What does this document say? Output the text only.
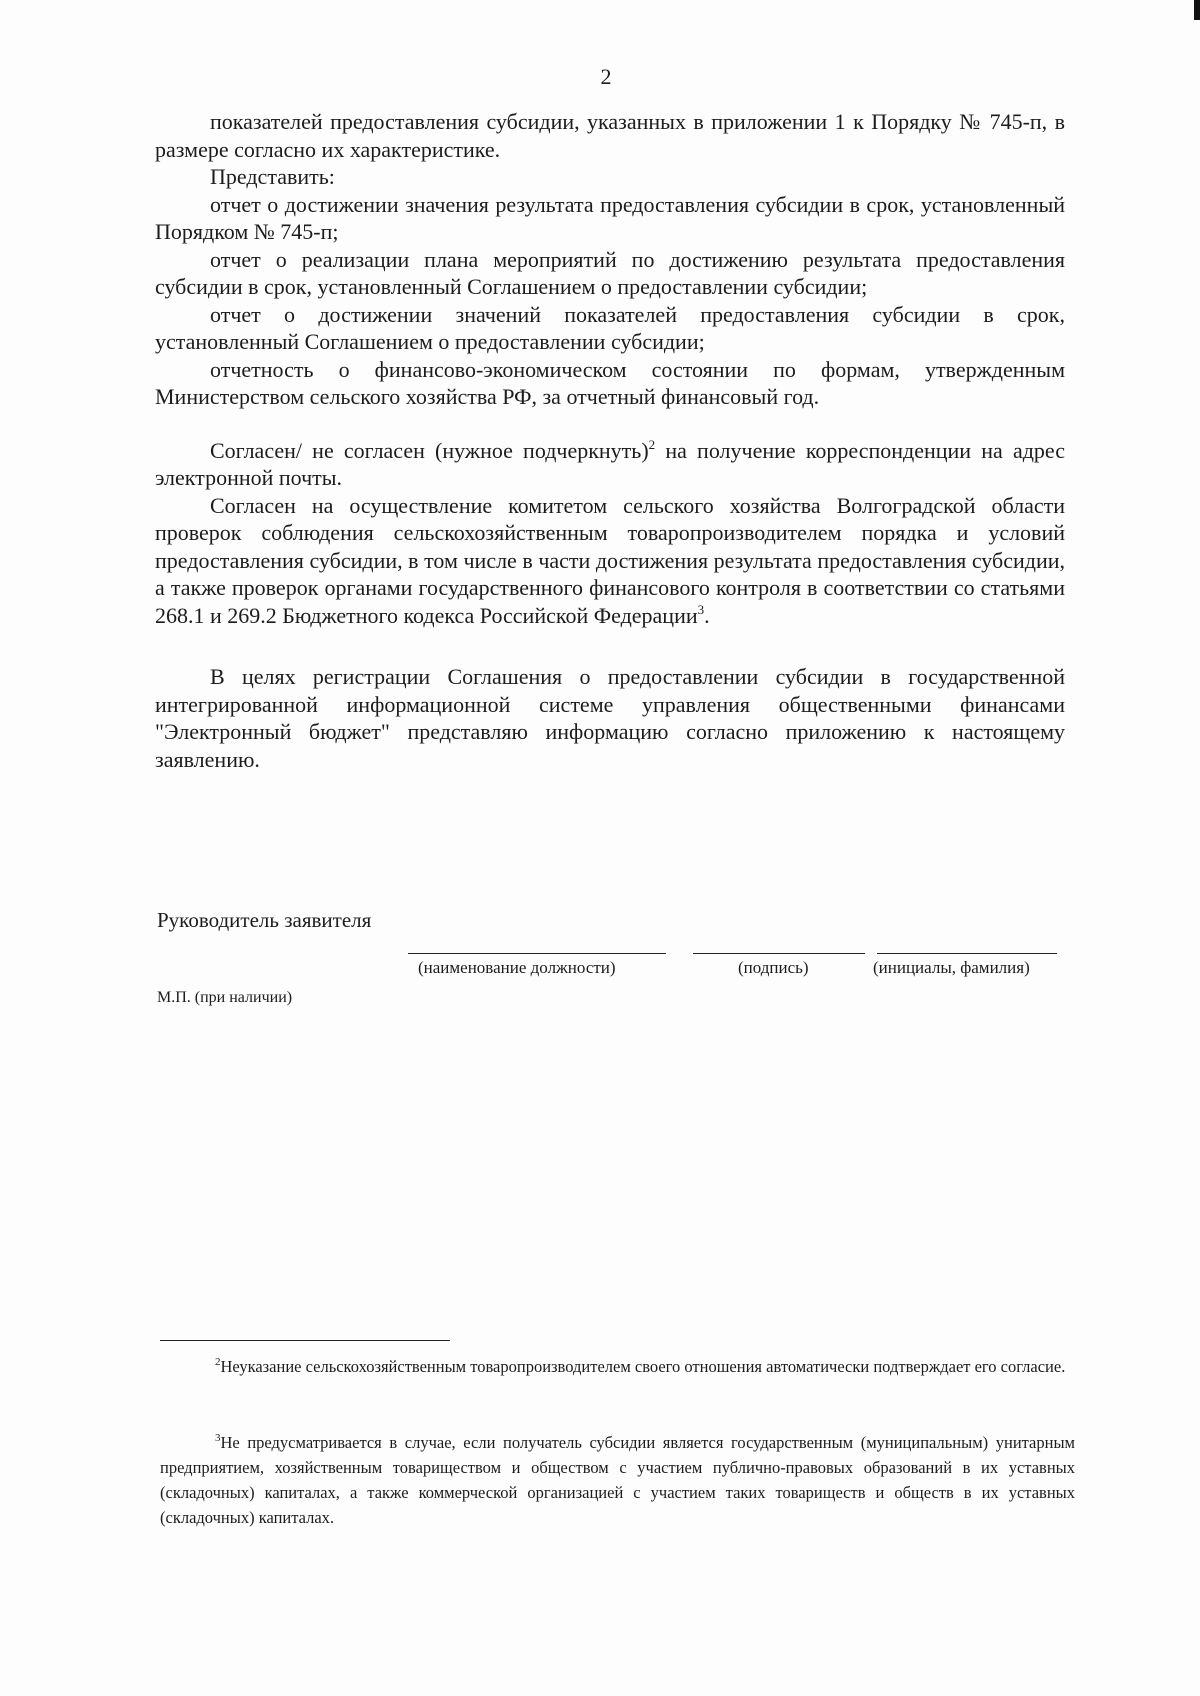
2

показателей предоставления субсидии, указанных в приложении 1 к Порядку № 745-п, в размере согласно их характеристике.

Представить:

отчет о достижении значения результата предоставления субсидии в срок, установленный Порядком № 745-п;

отчет о реализации плана мероприятий по достижению результата предоставления субсидии в срок, установленный Соглашением о предоставлении субсидии;

отчет о достижении значений показателей предоставления субсидии в срок, установленный Соглашением о предоставлении субсидии;

отчетность о финансово-экономическом состоянии по формам, утвержденным Министерством сельского хозяйства РФ, за отчетный финансовый год.

Согласен/ не согласен (нужное подчеркнуть)$^2$ на получение корреспонденции на адрес электронной почты.

Согласен на осуществление комитетом сельского хозяйства Волгоградской области проверок соблюдения сельскохозяйственным товаропроизводителем порядка и условий предоставления субсидии, в том числе в части достижения результата предоставления субсидии, а также проверок органами государственного финансового контроля в соответствии со статьями 268.1 и 269.2 Бюджетного кодекса Российской Федерации$^3$.

В целях регистрации Соглашения о предоставлении субсидии в государственной интегрированной информационной системе управления общественными финансами "Электронный бюджет" представляю информацию согласно приложению к настоящему заявлению.

Руководитель заявителя
(наименование должности)	(подпись)	(инициалы, фамилия)
М.П. (при наличии)

$^2$Неуказание сельскохозяйственным товаропроизводителем своего отношения автоматически подтверждает его согласие.

$^3$Не предусматривается в случае, если получатель субсидии является государственным (муниципальным) унитарным предприятием, хозяйственным товариществом и обществом с участием публично-правовых образований в их уставных (складочных) капиталах, а также коммерческой организацией с участием таких товариществ и обществ в их уставных (складочных) капиталах.
